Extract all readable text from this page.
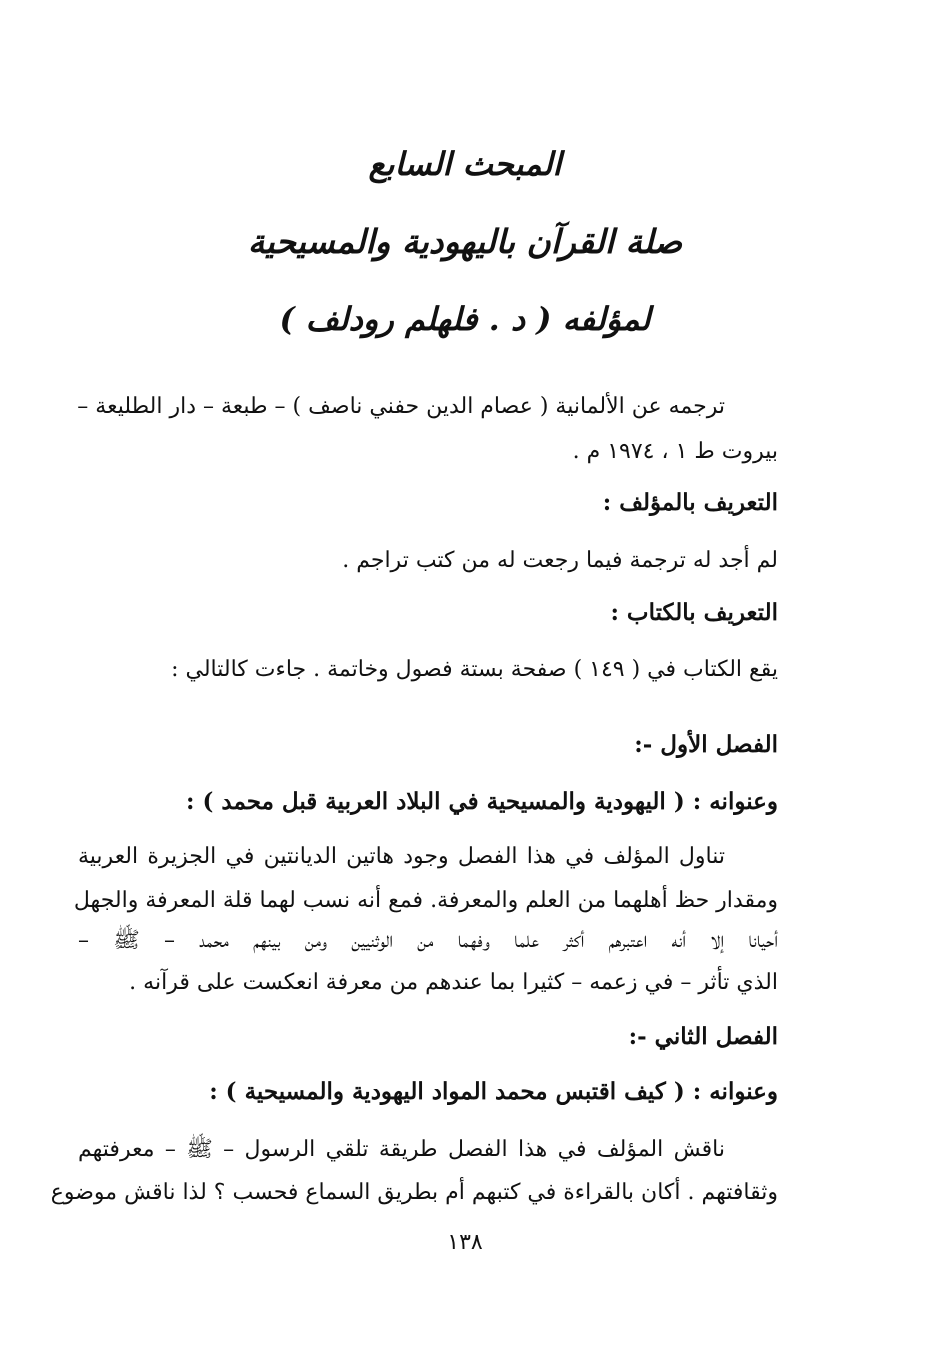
المبحث السابع
صلة القرآن باليهودية والمسيحية
لمؤلفه ( د . فلهلم رودلف )
ترجمه عن الألمانية ( عصام الدين حفني ناصف ) – طبعة – دار الطليعة –
بيروت ط ١ ، ١٩٧٤ م .
التعريف بالمؤلف :
لم أجد له ترجمة فيما رجعت له من كتب تراجم .
التعريف بالكتاب :
يقع الكتاب في ( ١٤٩ ) صفحة بستة فصول وخاتمة . جاءت كالتالي :
الفصل الأول -:
وعنوانه : ( اليهودية والمسيحية في البلاد العربية قبل محمد ) :
تناول المؤلف في هذا الفصل وجود هاتين الديانتين في الجزيرة العربية
ومقدار حظ أهلهما من العلم والمعرفة. فمع أنه نسب لهما قلة المعرفة والجهل
أحيانا إلا أنه اعتبرهم أكثر علما وفهما من الوثنيين ومن بينهم محمد – ﷺ –
الذي تأثر – في زعمه – كثيرا بما عندهم من معرفة انعكست على قرآنه .
الفصل الثاني -:
وعنوانه : ( كيف اقتبس محمد المواد اليهودية والمسيحية ) :
ناقش المؤلف في هذا الفصل طريقة تلقي الرسول – ﷺ – معرفتهم
وثقافتهم . أكان بالقراءة في كتبهم أم بطريق السماع فحسب ؟ لذا ناقش موضوع
١٣٨
